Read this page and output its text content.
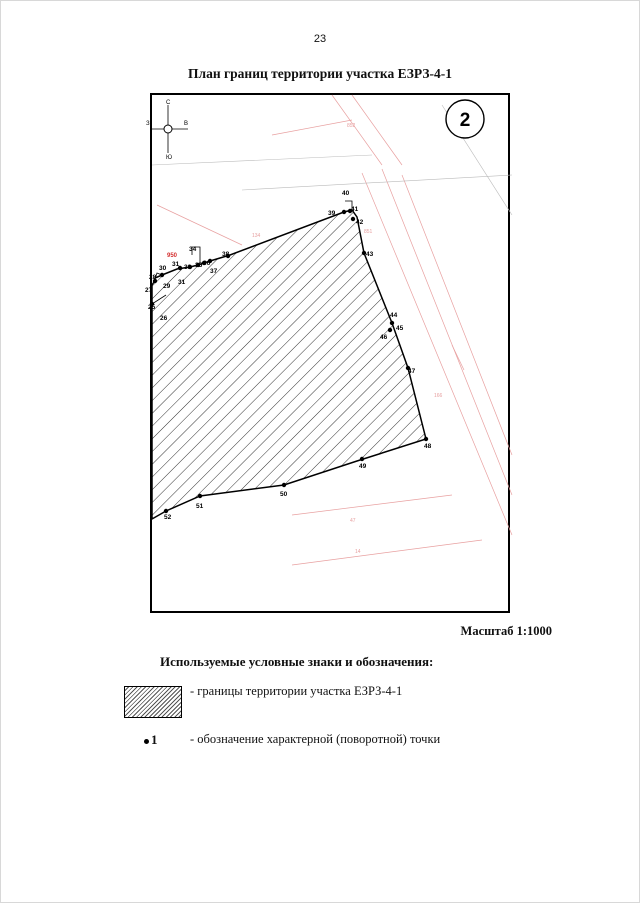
23
План границ территории участка ЕЗРЗ-4-1
852
134
851
166
47
14
С
Ю
З	В	2
950
25
26
27
28
29
30
31
31
33
34
35 36
37
38
39
40
41
42
43
44
45
46
47
48
49
50
51
52
Масштаб 1:1000
Используемые условные знаки и обозначения:
- границы территории участка ЕЗРЗ-4-1
1	- обозначение характерной (поворотной) точки
